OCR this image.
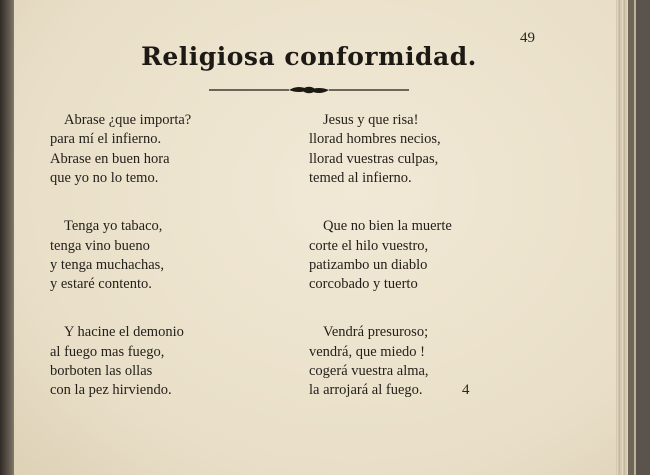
49
Religiosa conformidad.
Abrase ¿que importa?
para mí el infierno.
Abrase en buen hora
que yo no lo temo.
Tenga yo tabaco,
tenga vino bueno
y tenga muchachas,
y estaré contento.
Y hacine el demonio
al fuego mas fuego,
borboten las ollas
con la pez hirviendo.
Jesus y que risa!
llorad hombres necios,
llorad vuestras culpas,
temed al infierno.
Que no bien la muerte
corte el hilo vuestro,
patizambo un diablo
corcobado y tuerto
Vendrá presuroso;
vendrá, que miedo !
cogerá vuestra alma,
la arrojará al fuego.	4
